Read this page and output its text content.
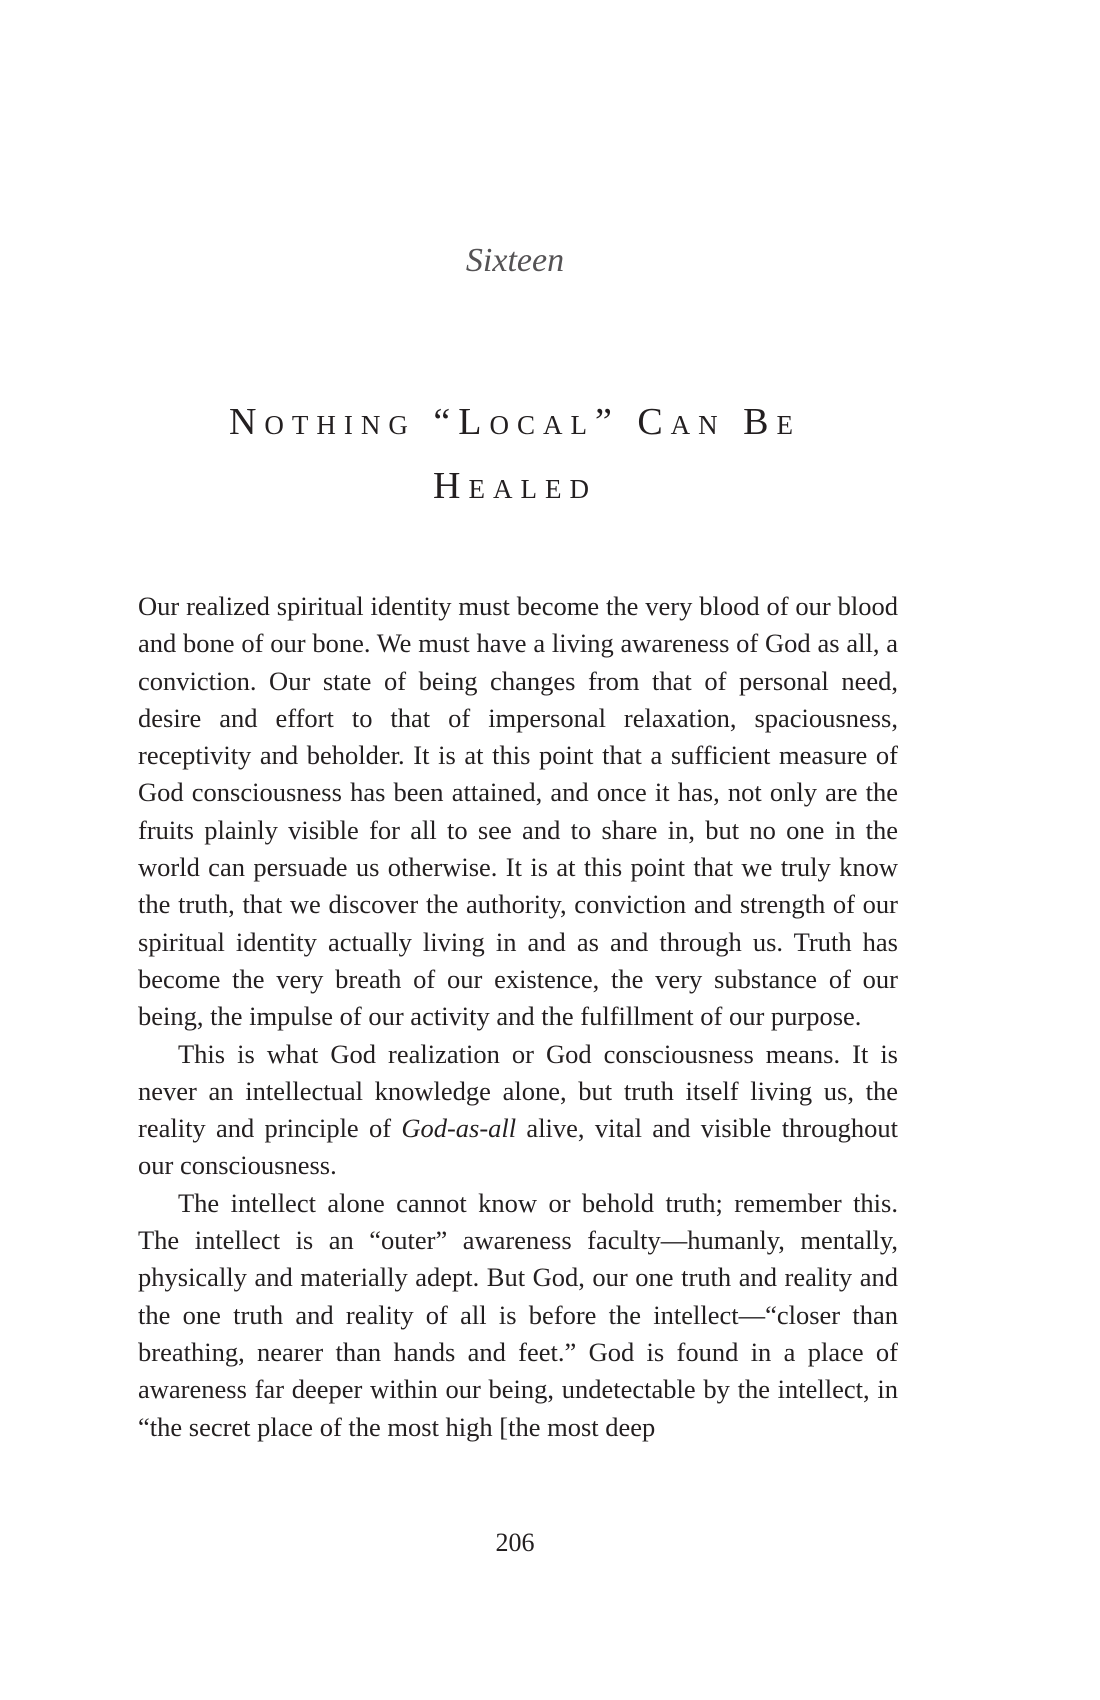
Sixteen
Nothing “Local” Can Be
Healed

Our realized spiritual identity must become the very blood of our blood and bone of our bone. We must have a living awareness of God as all, a conviction. Our state of being changes from that of personal need, desire and effort to that of impersonal relaxation, spaciousness, receptivity and beholder. It is at this point that a sufficient measure of God consciousness has been attained, and once it has, not only are the fruits plainly visible for all to see and to share in, but no one in the world can persuade us otherwise. It is at this point that we truly know the truth, that we discover the authority, conviction and strength of our spiritual identity actually living in and as and through us. Truth has become the very breath of our existence, the very substance of our being, the impulse of our activity and the fulfillment of our purpose.

This is what God realization or God consciousness means. It is never an intellectual knowledge alone, but truth itself living us, the reality and principle of God-as-all alive, vital and visible throughout our consciousness.

The intellect alone cannot know or behold truth; remember this. The intellect is an “outer” awareness faculty—humanly, mentally, physically and materially adept. But God, our one truth and reality and the one truth and reality of all is before the intellect—“closer than breathing, nearer than hands and feet.” God is found in a place of awareness far deeper within our being, undetectable by the intellect, in “the secret place of the most high [the most deep

206
